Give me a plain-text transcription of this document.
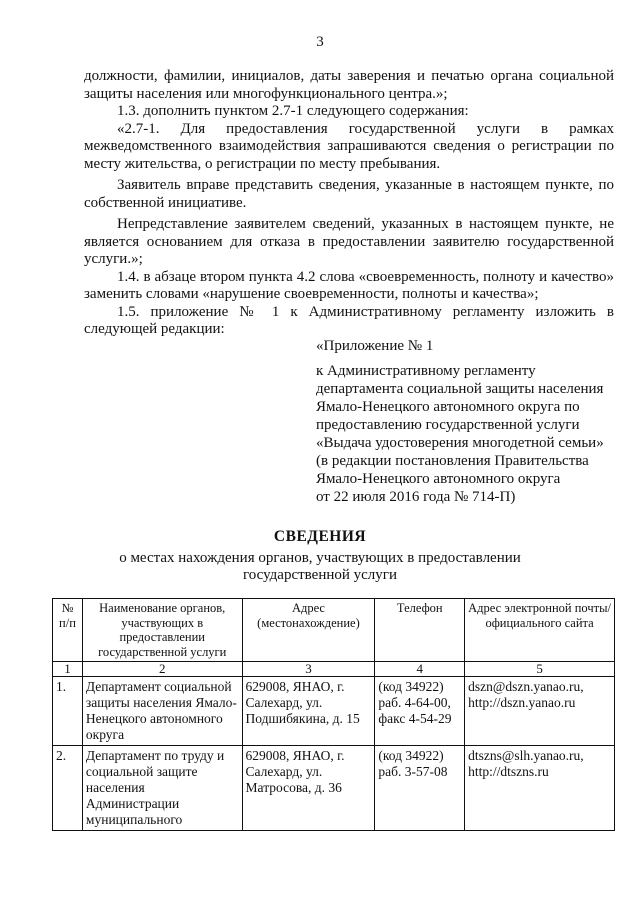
3

должности, фамилии, инициалов, даты заверения и печатью органа социальной защиты населения или многофункционального центра.»;

1.3. дополнить пунктом 2.7-1 следующего содержания:

«2.7-1. Для предоставления государственной услуги в рамках межведомственного взаимодействия запрашиваются сведения о регистрации по месту жительства, о регистрации по месту пребывания.

Заявитель вправе представить сведения, указанные в настоящем пункте, по собственной инициативе.

Непредставление заявителем сведений, указанных в настоящем пункте, не является основанием для отказа в предоставлении заявителю государственной услуги.»;

1.4. в абзаце втором пункта 4.2 слова «своевременность, полноту и качество» заменить словами «нарушение своевременности, полноты и качества»;

1.5. приложение № 1 к Административному регламенту изложить в следующей редакции:

«Приложение № 1
к Административному регламенту
департамента социальной защиты населения
Ямало-Ненецкого автономного округа по
предоставлению государственной услуги
«Выдача удостоверения многодетной семьи»
(в редакции постановления Правительства
Ямало-Ненецкого автономного округа
от 22 июля 2016 года № 714-П)
СВЕДЕНИЯ
о местах нахождения органов, участвующих в предоставлении
государственной услуги
№ п/п	Наименование органов, участвующих в предоставлении государственной услуги	Адрес (местонахождение)	Телефон	Адрес электронной почты/ официального сайта
1	2	3	4	5
1.	Департамент социальной защиты населения Ямало-Ненецкого автономного округа	629008, ЯНАО, г. Салехард, ул. Подшибякина, д. 15	(код 34922) раб. 4-64-00, факс 4-54-29	dszn@dszn.yanao.ru, http://dszn.yanao.ru
2.	Департамент по труду и социальной защите населения Администрации муниципального	629008, ЯНАО, г. Салехард, ул. Матросова, д. 36	(код 34922) раб. 3-57-08	dtszns@slh.yanao.ru, http://dtszns.ru
